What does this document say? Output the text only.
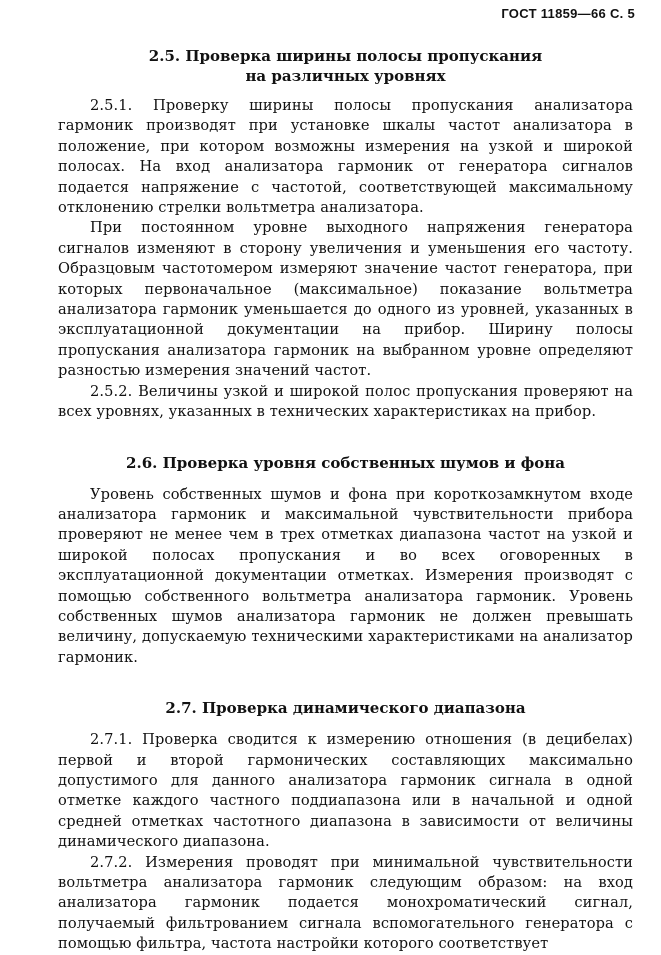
ГОСТ 11859—66 С. 5
2.5. Проверка ширины полосы пропускания
на различных уровнях

2.5.1. Проверку ширины полосы пропускания анализатора гармоник производят при установке шкалы частот анализатора в положение, при котором возможны измерения на узкой и широкой полосах. На вход анализатора гармоник от генератора сигналов подается напряжение с частотой, соответствующей максимальному отклонению стрелки вольтметра анализатора.

При постоянном уровне выходного напряжения генератора сигналов изменяют в сторону увеличения и уменьшения его частоту. Образцовым частотомером измеряют значение частот генератора, при которых первоначальное (максимальное) показание вольтметра анализатора гармоник уменьшается до одного из уровней, указанных в эксплуатационной документации на прибор. Ширину полосы пропускания анализатора гармоник на выбранном уровне определяют разностью измерения значений частот.

2.5.2. Величины узкой и широкой полос пропускания проверяют на всех уровнях, указанных в технических характеристиках на прибор.

2.6. Проверка уровня собственных шумов и фона

Уровень собственных шумов и фона при короткозамкнутом входе анализатора гармоник и максимальной чувствительности прибора проверяют не менее чем в трех отметках диапазона частот на узкой и широкой полосах пропускания и во всех оговоренных в эксплуатационной документации отметках. Измерения производят с помощью собственного вольтметра анализатора гармоник. Уровень собственных шумов анализатора гармоник не должен превышать величину, допускаемую техническими характеристиками на анализатор гармоник.

2.7. Проверка динамического диапазона

2.7.1. Проверка сводится к измерению отношения (в децибелах) первой и второй гармонических составляющих максимально допустимого для данного анализатора гармоник сигнала в одной отметке каждого частного поддиапазона или в начальной и одной средней отметках частотного диапазона в зависимости от величины динамического диапазона.

2.7.2. Измерения проводят при минимальной чувствительности вольтметра анализатора гармоник следующим образом: на вход анализатора гармоник подается монохроматический сигнал, получаемый фильтрованием сигнала вспомогательного генератора с помощью фильтра, частота настройки которого соответствует
